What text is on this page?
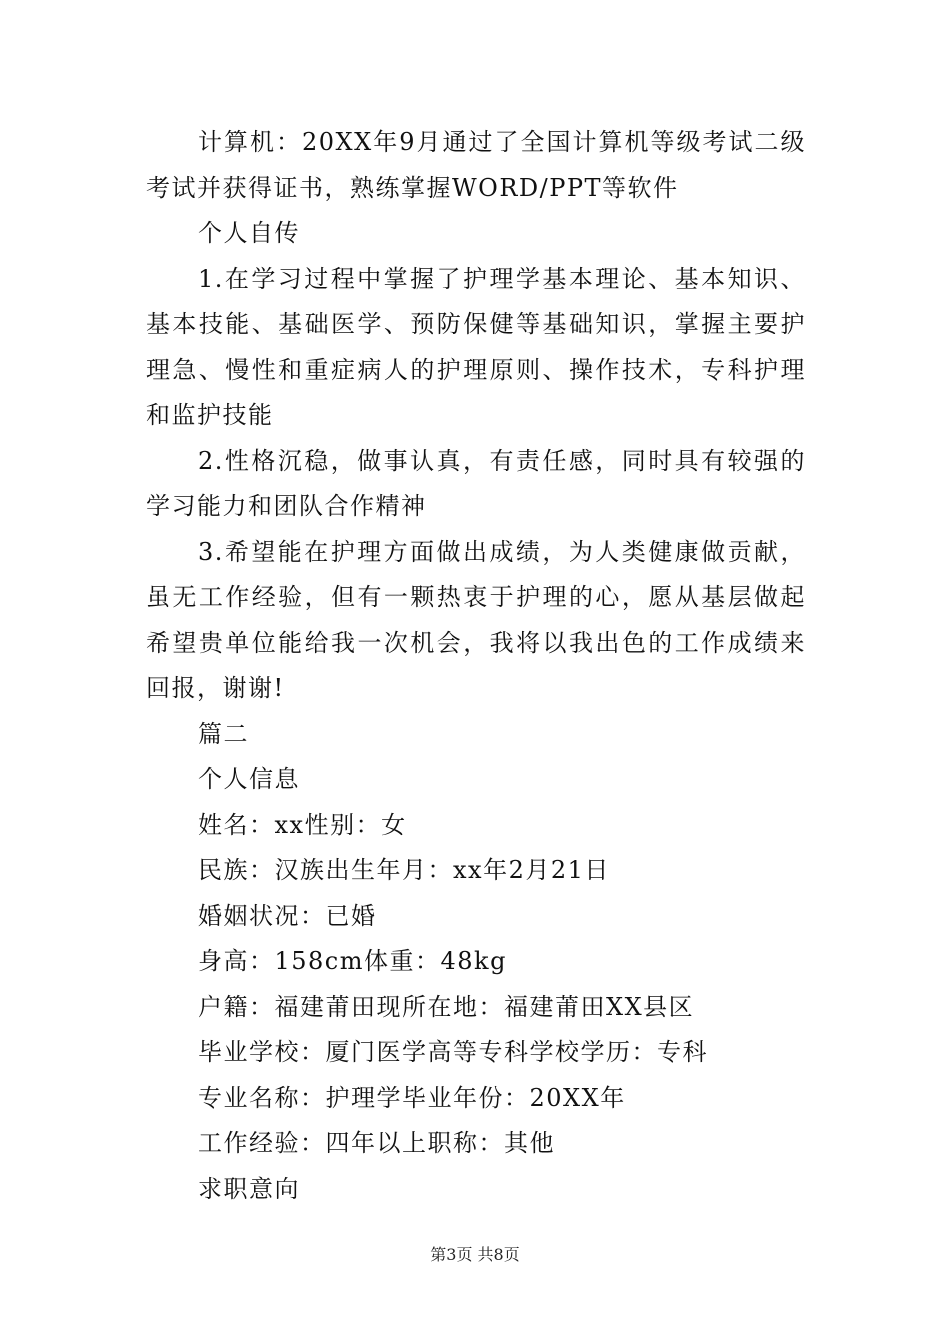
计算机：20XX年9月通过了全国计算机等级考试二级
考试并获得证书，熟练掌握WORD/PPT等软件
个人自传
1.在学习过程中掌握了护理学基本理论、基本知识、
基本技能、基础医学、预防保健等基础知识，掌握主要护
理急、慢性和重症病人的护理原则、操作技术，专科护理
和监护技能
2.性格沉稳，做事认真，有责任感，同时具有较强的
学习能力和团队合作精神
3.希望能在护理方面做出成绩，为人类健康做贡献，
虽无工作经验，但有一颗热衷于护理的心，愿从基层做起
希望贵单位能给我一次机会，我将以我出色的工作成绩来
回报，谢谢!
篇二
个人信息
姓名：xx性别：女
民族：汉族出生年月：xx年2月21日
婚姻状况：已婚
身高：158cm体重：48kg
户籍：福建莆田现所在地：福建莆田XX县区
毕业学校：厦门医学高等专科学校学历：专科
专业名称：护理学毕业年份：20XX年
工作经验：四年以上职称：其他
求职意向
第3页 共8页
